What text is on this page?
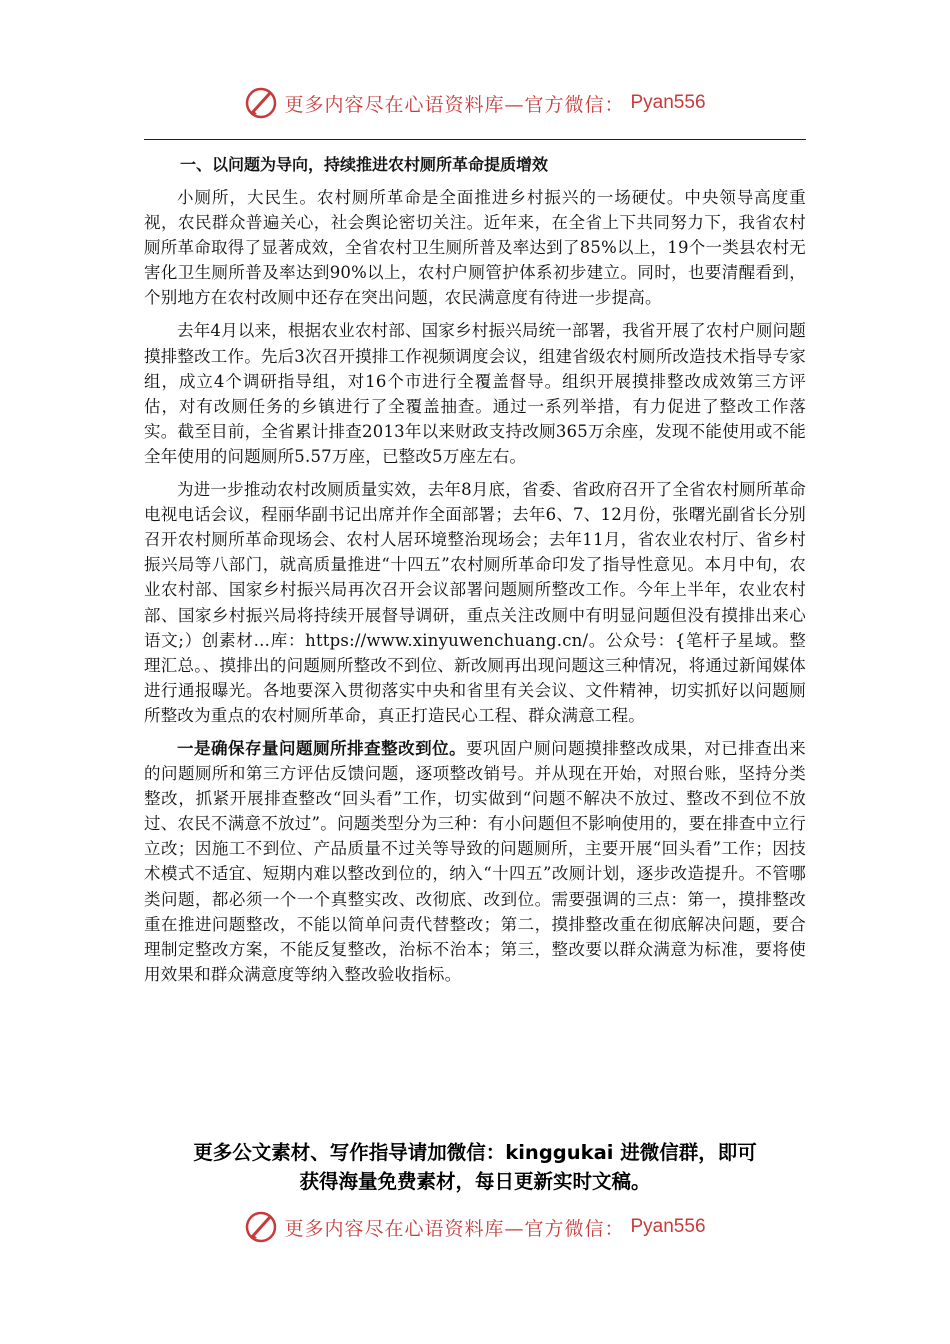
更多内容尽在心语资料库—官方微信： Pyan556
一、以问题为导向，持续推进农村厕所革命提质增效

小厕所，大民生。农村厕所革命是全面推进乡村振兴的一场硬仗。中央领导高度重视，农民群众普遍关心，社会舆论密切关注。近年来，在全省上下共同努力下，我省农村厕所革命取得了显著成效，全省农村卫生厕所普及率达到了85%以上，19个一类县农村无害化卫生厕所普及率达到90%以上，农村户厕管护体系初步建立。同时，也要清醒看到，个别地方在农村改厕中还存在突出问题，农民满意度有待进一步提高。

去年4月以来，根据农业农村部、国家乡村振兴局统一部署，我省开展了农村户厕问题摸排整改工作。先后3次召开摸排工作视频调度会议，组建省级农村厕所改造技术指导专家组，成立4个调研指导组，对16个市进行全覆盖督导。组织开展摸排整改成效第三方评估，对有改厕任务的乡镇进行了全覆盖抽查。通过一系列举措，有力促进了整改工作落实。截至目前，全省累计排查2013年以来财政支持改厕365万余座，发现不能使用或不能全年使用的问题厕所5.57万座，已整改5万座左右。

为进一步推动农村改厕质量实效，去年8月底，省委、省政府召开了全省农村厕所革命电视电话会议，程丽华副书记出席并作全面部署；去年6、7、12月份，张曙光副省长分别召开农村厕所革命现场会、农村人居环境整治现场会；去年11月，省农业农村厅、省乡村振兴局等八部门，就高质量推进“十四五”农村厕所革命印发了指导性意见。本月中旬，农业农村部、国家乡村振兴局再次召开会议部署问题厕所整改工作。今年上半年，农业农村部、国家乡村振兴局将持续开展督导调研，重点关注改厕中有明显问题但没有摸排出来心语文;）创素材…库：https://www.xinyuwenchuang.cn/。公众号：{笔杆子星域。整理汇总。、摸排出的问题厕所整改不到位、新改厕再出现问题这三种情况，将通过新闻媒体进行通报曝光。各地要深入贯彻落实中央和省里有关会议、文件精神，切实抓好以问题厕所整改为重点的农村厕所革命，真正打造民心工程、群众满意工程。

一是确保存量问题厕所排查整改到位。要巩固户厕问题摸排整改成果，对已排查出来的问题厕所和第三方评估反馈问题，逐项整改销号。并从现在开始，对照台账，坚持分类整改，抓紧开展排查整改“回头看”工作，切实做到“问题不解决不放过、整改不到位不放过、农民不满意不放过”。问题类型分为三种：有小问题但不影响使用的，要在排查中立行立改；因施工不到位、产品质量不过关等导致的问题厕所，主要开展“回头看”工作；因技术模式不适宜、短期内难以整改到位的，纳入“十四五”改厕计划，逐步改造提升。不管哪类问题，都必须一个一个真整实改、改彻底、改到位。需要强调的三点：第一，摸排整改重在推进问题整改，不能以简单问责代替整改；第二，摸排整改重在彻底解决问题，要合理制定整改方案，不能反复整改，治标不治本；第三，整改要以群众满意为标准，要将使用效果和群众满意度等纳入整改验收指标。

更多公文素材、写作指导请加微信：kinggukai 进微信群，即可
获得海量免费素材，每日更新实时文稿。
更多内容尽在心语资料库—官方微信： Pyan556
